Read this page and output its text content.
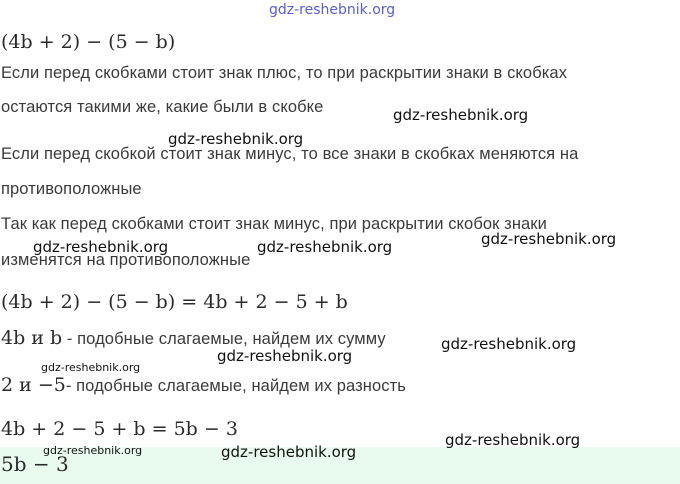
gdz-reshebnik.org
(4b + 2) − (5 − b)
Если перед скобками стоит знак плюс, то при раскрытии знаки в скобках
остаются такими же, какие были в скобке	gdz-reshebnik.org
gdz-reshebnik.org
Если перед скобкой стоит знак минус, то все знаки в скобках меняются на
противоположные
Так как перед скобками стоит знак минус, при раскрытии скобок знаки
gdz-reshebnik.org
gdz-reshebnik.org	gdz-reshebnik.org
изменятся на противоположные
(4b + 2) − (5 − b) = 4b + 2 − 5 + b
4b и b - подобные слагаемые, найдем их сумму	gdz-reshebnik.org
gdz-reshebnik.org
gdz-reshebnik.org
2 и −5- подобные слагаемые, найдем их разность
4b + 2 − 5 + b = 5b − 3	gdz-reshebnik.org
gdz-reshebnik.org	gdz-reshebnik.org
5b − 3
